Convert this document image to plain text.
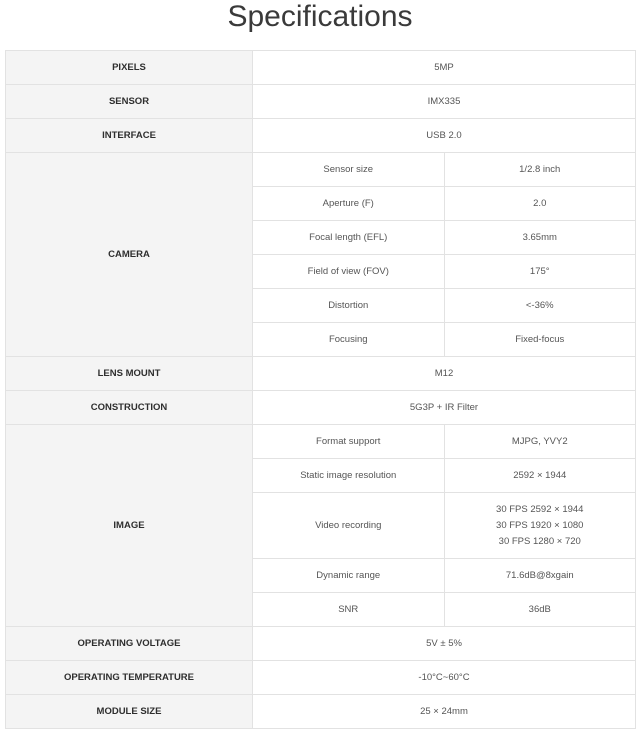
Specifications
PIXELS	5MP	
SENSOR	IMX335	
INTERFACE	USB 2.0	
CAMERA	Sensor size	1/2.8 inch
	Aperture (F)	2.0
	Focal length (EFL)	3.65mm
	Field of view (FOV)	175°
	Distortion	<-36%
	Focusing	Fixed-focus
LENS MOUNT	M12	
CONSTRUCTION	5G3P + IR Filter	
IMAGE	Format support	MJPG, YVY2
	Static image resolution	2592 × 1944
	Video recording	30 FPS 2592 × 1944
30 FPS 1920 × 1080
30 FPS 1280 × 720

	Dynamic range	71.6dB@8xgain
	SNR	36dB
OPERATING VOLTAGE	5V ± 5%	
OPERATING TEMPERATURE	-10°C~60°C	
MODULE SIZE	25 × 24mm	
